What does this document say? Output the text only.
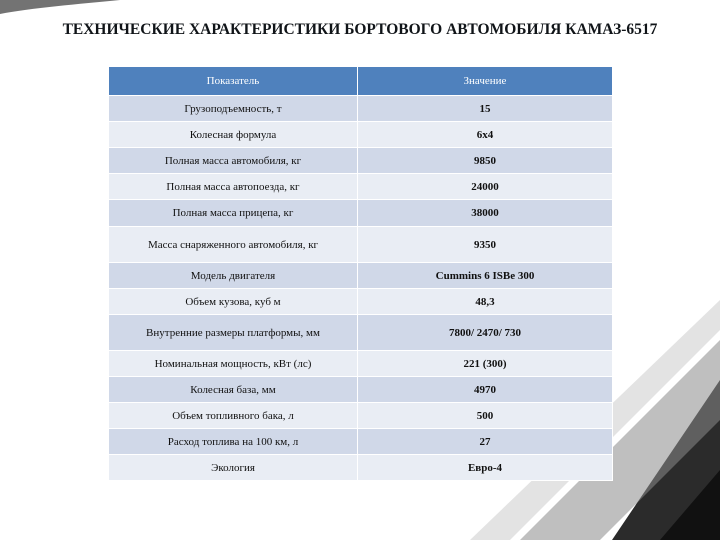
ТЕХНИЧЕСКИЕ ХАРАКТЕРИСТИКИ БОРТОВОГО АВТОМОБИЛЯ КАМАЗ-6517
Показатель	Значение
Грузоподъемность, т	15
Колесная формула	6х4
Полная масса автомобиля, кг	9850
Полная масса автопоезда, кг	24000
Полная масса прицепа, кг	38000
Масса снаряженного автомобиля, кг	9350
Модель двигателя	Cummins 6 ISBe 300
Объем кузова, куб м	48,3
Внутренние размеры платформы, мм	7800/ 2470/ 730
Номинальная мощность, кВт (лс)	221 (300)
Колесная база, мм	4970
Объем топливного бака, л	500
Расход топлива на 100 км, л	27
Экология	Евро-4
